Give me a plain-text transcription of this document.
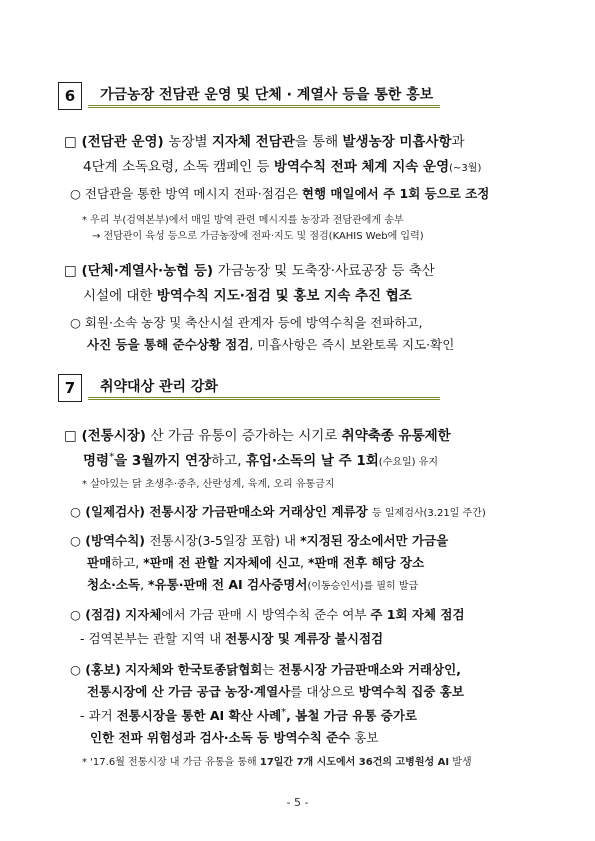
6	가금농장 전담관 운영 및 단체 · 계열사 등을 통한 홍보
□ (전담관 운영) 농장별 지자체 전담관을 통해 발생농장 미흡사항과
4단계 소독요령, 소독 캠페인 등 방역수칙 전파 체계 지속 운영(~3월)
○ 전담관을 통한 방역 메시지 전파·점검은 현행 매일에서 주 1회 등으로 조정
* 우리 부(검역본부)에서 매일 방역 관련 메시지를 농장과 전담관에게 송부
→ 전담관이 육성 등으로 가금농장에 전파·지도 및 점검(KAHIS Web에 입력)
□ (단체·계열사·농협 등) 가금농장 및 도축장·사료공장 등 축산
시설에 대한 방역수칙 지도·점검 및 홍보 지속 추진 협조
○ 회원·소속 농장 및 축산시설 관계자 등에 방역수칙을 전파하고,
사진 등을 통해 준수상황 점검, 미흡사항은 즉시 보완토록 지도·확인
7	취약대상 관리 강화
□ (전통시장) 산 가금 유통이 증가하는 시기로 취약축종 유통제한
명령*을 3월까지 연장하고, 휴업·소독의 날 주 1회(수요일) 유지
* 살아있는 닭 초생추·중추, 산란성계, 육계, 오리 유통금지
○ (일제검사) 전통시장 가금판매소와 거래상인 계류장 등 일제검사(3.21일 주간)
○ (방역수칙) 전통시장(3-5일장 포함) 내 *지정된 장소에서만 가금을
판매하고, *판매 전 관할 지자체에 신고, *판매 전후 해당 장소
청소·소독, *유통·판매 전 AI 검사증명서(이동승인서)를 필히 발급
○ (점검) 지자체에서 가금 판매 시 방역수칙 준수 여부 주 1회 자체 점검
- 검역본부는 관할 지역 내 전통시장 및 계류장 불시점검
○ (홍보) 지자체와 한국토종닭협회는 전통시장 가금판매소와 거래상인,
전통시장에 산 가금 공급 농장·계열사를 대상으로 방역수칙 집중 홍보
- 과거 전통시장을 통한 AI 확산 사례*, 봄철 가금 유통 증가로
인한 전파 위험성과 검사·소독 등 방역수칙 준수 홍보
* '17.6월 전통시장 내 가금 유통을 통해 17일간 7개 시도에서 36건의 고병원성 AI 발생
- 5 -
